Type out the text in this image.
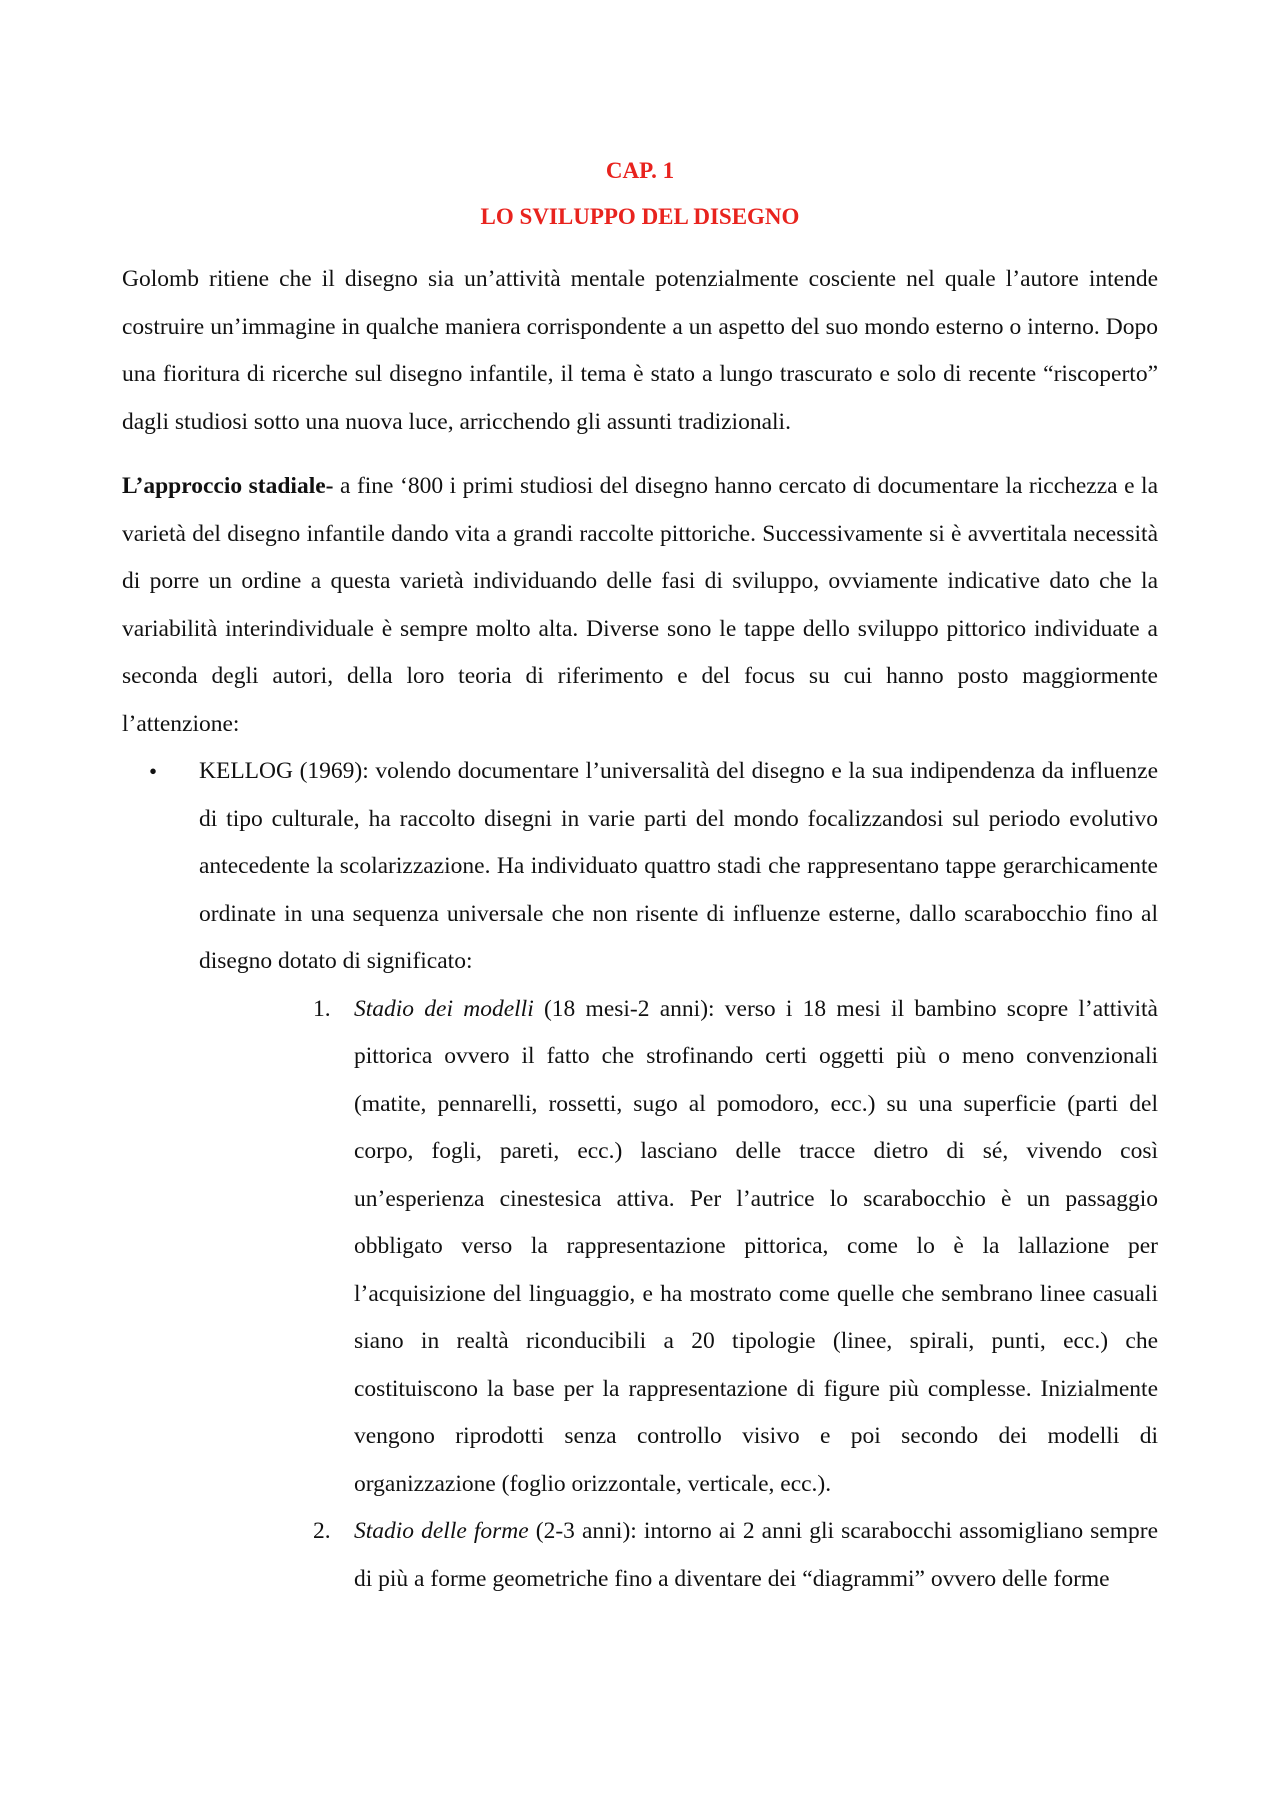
CAP. 1
LO SVILUPPO DEL DISEGNO

Golomb ritiene che il disegno sia un’attività mentale potenzialmente cosciente nel quale l’autore intende costruire un’immagine in qualche maniera corrispondente a un aspetto del suo mondo esterno o interno. Dopo una fioritura di ricerche sul disegno infantile, il tema è stato a lungo trascurato e solo di recente “riscoperto” dagli studiosi sotto una nuova luce, arricchendo gli assunti tradizionali.

L’approccio stadiale- a fine ‘800 i primi studiosi del disegno hanno cercato di documentare la ricchezza e la varietà del disegno infantile dando vita a grandi raccolte pittoriche. Successivamente si è avvertitala necessità di porre un ordine a questa varietà individuando delle fasi di sviluppo, ovviamente indicative dato che la variabilità interindividuale è sempre molto alta. Diverse sono le tappe dello sviluppo pittorico individuate a seconda degli autori, della loro teoria di riferimento e del focus su cui hanno posto maggiormente l’attenzione:

• KELLOG (1969): volendo documentare l’universalità del disegno e la sua indipendenza da influenze di tipo culturale, ha raccolto disegni in varie parti del mondo focalizzandosi sul periodo evolutivo antecedente la scolarizzazione. Ha individuato quattro stadi che rappresentano tappe gerarchicamente ordinate in una sequenza universale che non risente di influenze esterne, dallo scarabocchio fino al disegno dotato di significato:

1. Stadio dei modelli (18 mesi-2 anni): verso i 18 mesi il bambino scopre l’attività pittorica ovvero il fatto che strofinando certi oggetti più o meno convenzionali (matite, pennarelli, rossetti, sugo al pomodoro, ecc.) su una superficie (parti del corpo, fogli, pareti, ecc.) lasciano delle tracce dietro di sé, vivendo così un’esperienza cinestesica attiva. Per l’autrice lo scarabocchio è un passaggio obbligato verso la rappresentazione pittorica, come lo è la lallazione per l’acquisizione del linguaggio, e ha mostrato come quelle che sembrano linee casuali siano in realtà riconducibili a 20 tipologie (linee, spirali, punti, ecc.) che costituiscono la base per la rappresentazione di figure più complesse. Inizialmente vengono riprodotti senza controllo visivo e poi secondo dei modelli di organizzazione (foglio orizzontale, verticale, ecc.).

2. Stadio delle forme (2-3 anni): intorno ai 2 anni gli scarabocchi assomigliano sempre di più a forme geometriche fino a diventare dei “diagrammi” ovvero delle forme
